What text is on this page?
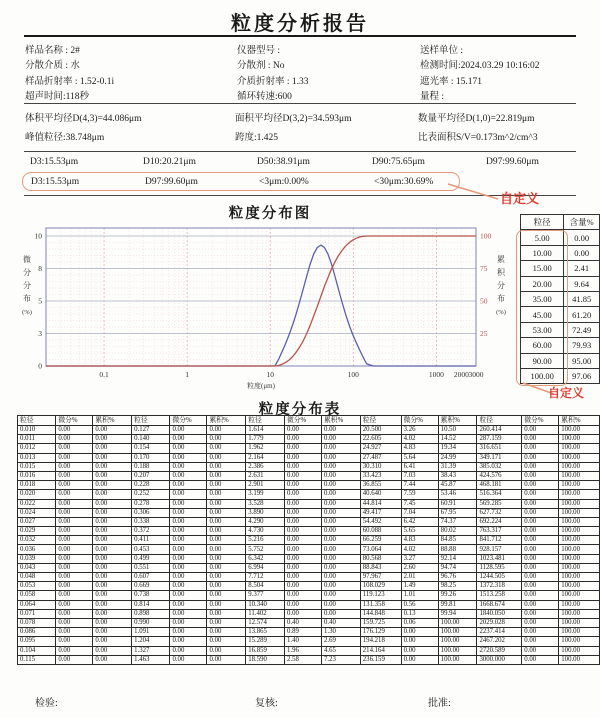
粒度分析报告
样品名称 : 2#	仪器型号 :	送样单位 :
分散介质 : 水	分散剂 : No	检测时间:2024.03.29 10:16:02
样品折射率 : 1.52-0.1i	介质折射率 : 1.33	遮光率 : 15.171
超声时间:118秒	循环转速:600	量程 :
体积平均径D(4,3)=44.086μm	面积平均径D(3,2)=34.593μm	数量平均径D(1,0)=22.819μm
峰值粒径:38.748μm	跨度:1.425	比表面积S/V=0.173m^2/cm^3
D3:15.53μm	D10:20.21μm	D50:38.91μm	D90:75.65μm	D97:99.60μm
D3:15.53μm	D97:99.60μm	<3μm:0.00%	<30μm:30.69%
自定义
粒度分布图
10
8
5
3
0
100
75
50
25
0.1	1	10	100	1000 2000 3000
粒度(μm)
微
分
分
布
(%)
累
积
分
布
(%)
粒径	含量%
5.00	0.00
10.00	0.00
15.00	2.41
20.00	9.64
35.00	41.85
45.00	61.20
53.00	72.49
60.00	79.93
90.00	95.00
100.00	97.06
自定义
粒度分布表
粒径	微分%	累积%	粒径	微分%	累积%	粒径	微分%	累积%	粒径	微分%	累积%	粒径	微分%	累积%
0.010	0.00	0.00	0.127	0.00	0.00	1.614	0.00	0.00	20.500	3.26	10.50	260.414	0.00	100.00
0.011	0.00	0.00	0.140	0.00	0.00	1.779	0.00	0.00	22.605	4.02	14.52	287.159	0.00	100.00
0.012	0.00	0.00	0.154	0.00	0.00	1.962	0.00	0.00	24.927	4.83	19.34	316.651	0.00	100.00
0.013	0.00	0.00	0.170	0.00	0.00	2.164	0.00	0.00	27.487	5.64	24.99	349.171	0.00	100.00
0.015	0.00	0.00	0.188	0.00	0.00	2.386	0.00	0.00	30.310	6.41	31.39	385.032	0.00	100.00
0.016	0.00	0.00	0.207	0.00	0.00	2.631	0.00	0.00	33.423	7.03	38.43	424.576	0.00	100.00
0.018	0.00	0.00	0.228	0.00	0.00	2.901	0.00	0.00	36.855	7.44	45.87	468.181	0.00	100.00
0.020	0.00	0.00	0.252	0.00	0.00	3.199	0.00	0.00	40.640	7.59	53.46	516.364	0.00	100.00
0.022	0.00	0.00	0.278	0.00	0.00	3.528	0.00	0.00	44.814	7.45	60.91	569.285	0.00	100.00
0.024	0.00	0.00	0.306	0.00	0.00	3.890	0.00	0.00	49.417	7.04	67.95	627.732	0.00	100.00
0.027	0.00	0.00	0.338	0.00	0.00	4.290	0.00	0.00	54.492	6.42	74.37	692.224	0.00	100.00
0.029	0.00	0.00	0.372	0.00	0.00	4.730	0.00	0.00	60.088	5.65	80.02	763.317	0.00	100.00
0.032	0.00	0.00	0.411	0.00	0.00	5.216	0.00	0.00	66.259	4.83	84.85	841.712	0.00	100.00
0.036	0.00	0.00	0.453	0.00	0.00	5.752	0.00	0.00	73.064	4.02	88.88	928.157	0.00	100.00
0.039	0.00	0.00	0.499	0.00	0.00	6.342	0.00	0.00	80.568	3.27	92.14	1023.481	0.00	100.00
0.043	0.00	0.00	0.551	0.00	0.00	6.994	0.00	0.00	88.843	2.60	94.74	1128.595	0.00	100.00
0.048	0.00	0.00	0.607	0.00	0.00	7.712	0.00	0.00	97.967	2.01	96.76	1244.505	0.00	100.00
0.053	0.00	0.00	0.669	0.00	0.00	8.504	0.00	0.00	108.029	1.49	98.25	1372.318	0.00	100.00
0.058	0.00	0.00	0.738	0.00	0.00	9.377	0.00	0.00	119.123	1.01	99.26	1513.258	0.00	100.00
0.064	0.00	0.00	0.814	0.00	0.00	10.340	0.00	0.00	131.358	0.56	99.81	1668.674	0.00	100.00
0.071	0.00	0.00	0.898	0.00	0.00	11.402	0.00	0.00	144.848	0.13	99.94	1840.050	0.00	100.00
0.078	0.00	0.00	0.990	0.00	0.00	12.574	0.40	0.40	159.725	0.06	100.00	2029.028	0.00	100.00
0.086	0.00	0.00	1.091	0.00	0.00	13.865	0.89	1.30	176.129	0.00	100.00	2237.414	0.00	100.00
0.095	0.00	0.00	1.204	0.00	0.00	15.289	1.40	2.69	194.218	0.00	100.00	2467.202	0.00	100.00
0.104	0.00	0.00	1.327	0.00	0.00	16.859	1.96	4.65	214.164	0.00	100.00	2720.589	0.00	100.00
0.115	0.00	0.00	1.463	0.00	0.00	18.590	2.58	7.23	236.159	0.00	100.00	3000.000	0.00	100.00
检验:	复核:	批准:
